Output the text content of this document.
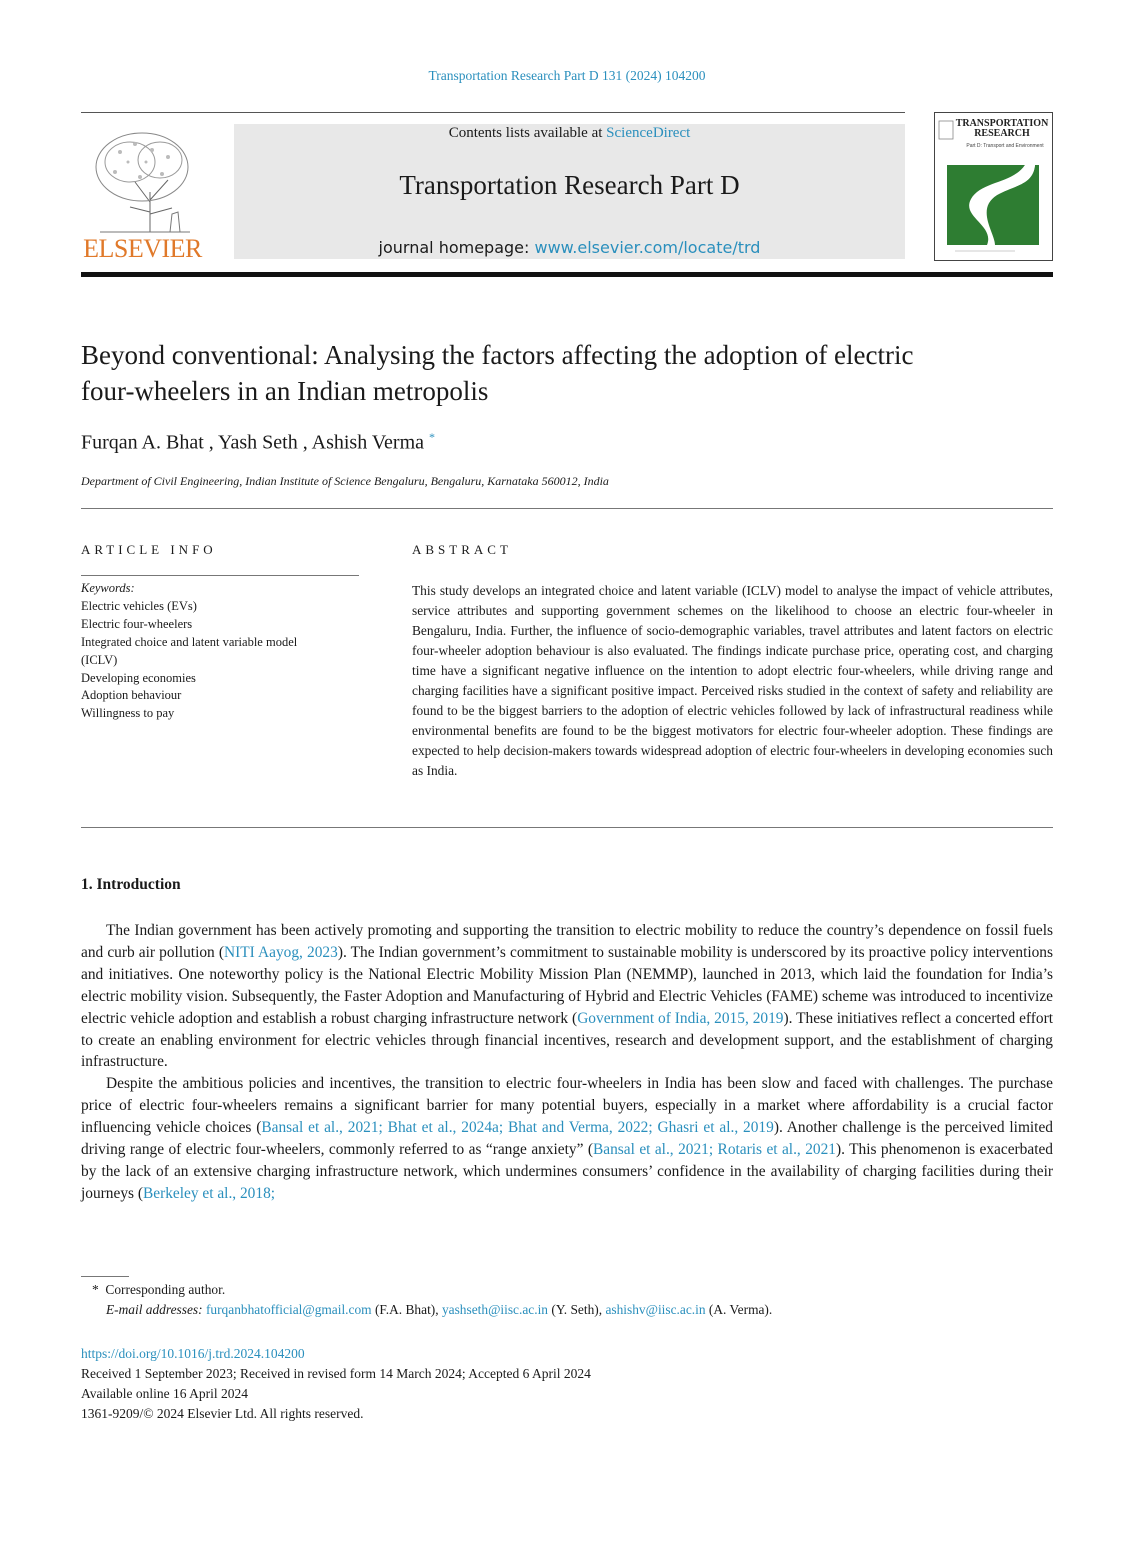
Transportation Research Part D 131 (2024) 104200
ELSEVIER
Contents lists available at ScienceDirect
Transportation Research Part D
journal homepage: www.elsevier.com/locate/trd
TRANSPORTATION RESEARCH
Part D: Transport and Environment
Beyond conventional: Analysing the factors affecting the adoption of electric four-wheelers in an Indian metropolis
Furqan A. Bhat , Yash Seth , Ashish Verma *
Department of Civil Engineering, Indian Institute of Science Bengaluru, Bengaluru, Karnataka 560012, India
ARTICLE INFO	ABSTRACT
Keywords:
Electric vehicles (EVs)
Electric four-wheelers
Integrated choice and latent variable model
(ICLV)
Developing economies
Adoption behaviour
Willingness to pay
This study develops an integrated choice and latent variable (ICLV) model to analyse the impact of vehicle attributes, service attributes and supporting government schemes on the likelihood to choose an electric four-wheeler in Bengaluru, India. Further, the influence of socio-demographic variables, travel attributes and latent factors on electric four-wheeler adoption behaviour is also evaluated. The findings indicate purchase price, operating cost, and charging time have a significant negative influence on the intention to adopt electric four-wheelers, while driving range and charging facilities have a significant positive impact. Perceived risks studied in the context of safety and reliability are found to be the biggest barriers to the adoption of electric vehicles followed by lack of infrastructural readiness while environmental benefits are found to be the biggest motivators for electric four-wheeler adoption. These findings are expected to help decision-makers towards widespread adoption of electric four-wheelers in developing economies such as India.
1. Introduction

The Indian government has been actively promoting and supporting the transition to electric mobility to reduce the country’s dependence on fossil fuels and curb air pollution (NITI Aayog, 2023). The Indian government’s commitment to sustainable mobility is underscored by its proactive policy interventions and initiatives. One noteworthy policy is the National Electric Mobility Mission Plan (NEMMP), launched in 2013, which laid the foundation for India’s electric mobility vision. Subsequently, the Faster Adoption and Manufacturing of Hybrid and Electric Vehicles (FAME) scheme was introduced to incentivize electric vehicle adoption and establish a robust charging infrastructure network (Government of India, 2015, 2019). These initiatives reflect a concerted effort to create an enabling environment for electric vehicles through financial incentives, research and development support, and the establishment of charging infrastructure.

Despite the ambitious policies and incentives, the transition to electric four-wheelers in India has been slow and faced with challenges. The purchase price of electric four-wheelers remains a significant barrier for many potential buyers, especially in a market where affordability is a crucial factor influencing vehicle choices (Bansal et al., 2021; Bhat et al., 2024a; Bhat and Verma, 2022; Ghasri et al., 2019). Another challenge is the perceived limited driving range of electric four-wheelers, commonly referred to as “range anxiety” (Bansal et al., 2021; Rotaris et al., 2021). This phenomenon is exacerbated by the lack of an extensive charging infrastructure network, which undermines consumers’ confidence in the availability of charging facilities during their journeys (Berkeley et al., 2018;

* Corresponding author.
E-mail addresses: furqanbhatofficial@gmail.com (F.A. Bhat), yashseth@iisc.ac.in (Y. Seth), ashishv@iisc.ac.in (A. Verma).
https://doi.org/10.1016/j.trd.2024.104200
Received 1 September 2023; Received in revised form 14 March 2024; Accepted 6 April 2024
Available online 16 April 2024
1361-9209/© 2024 Elsevier Ltd. All rights reserved.
